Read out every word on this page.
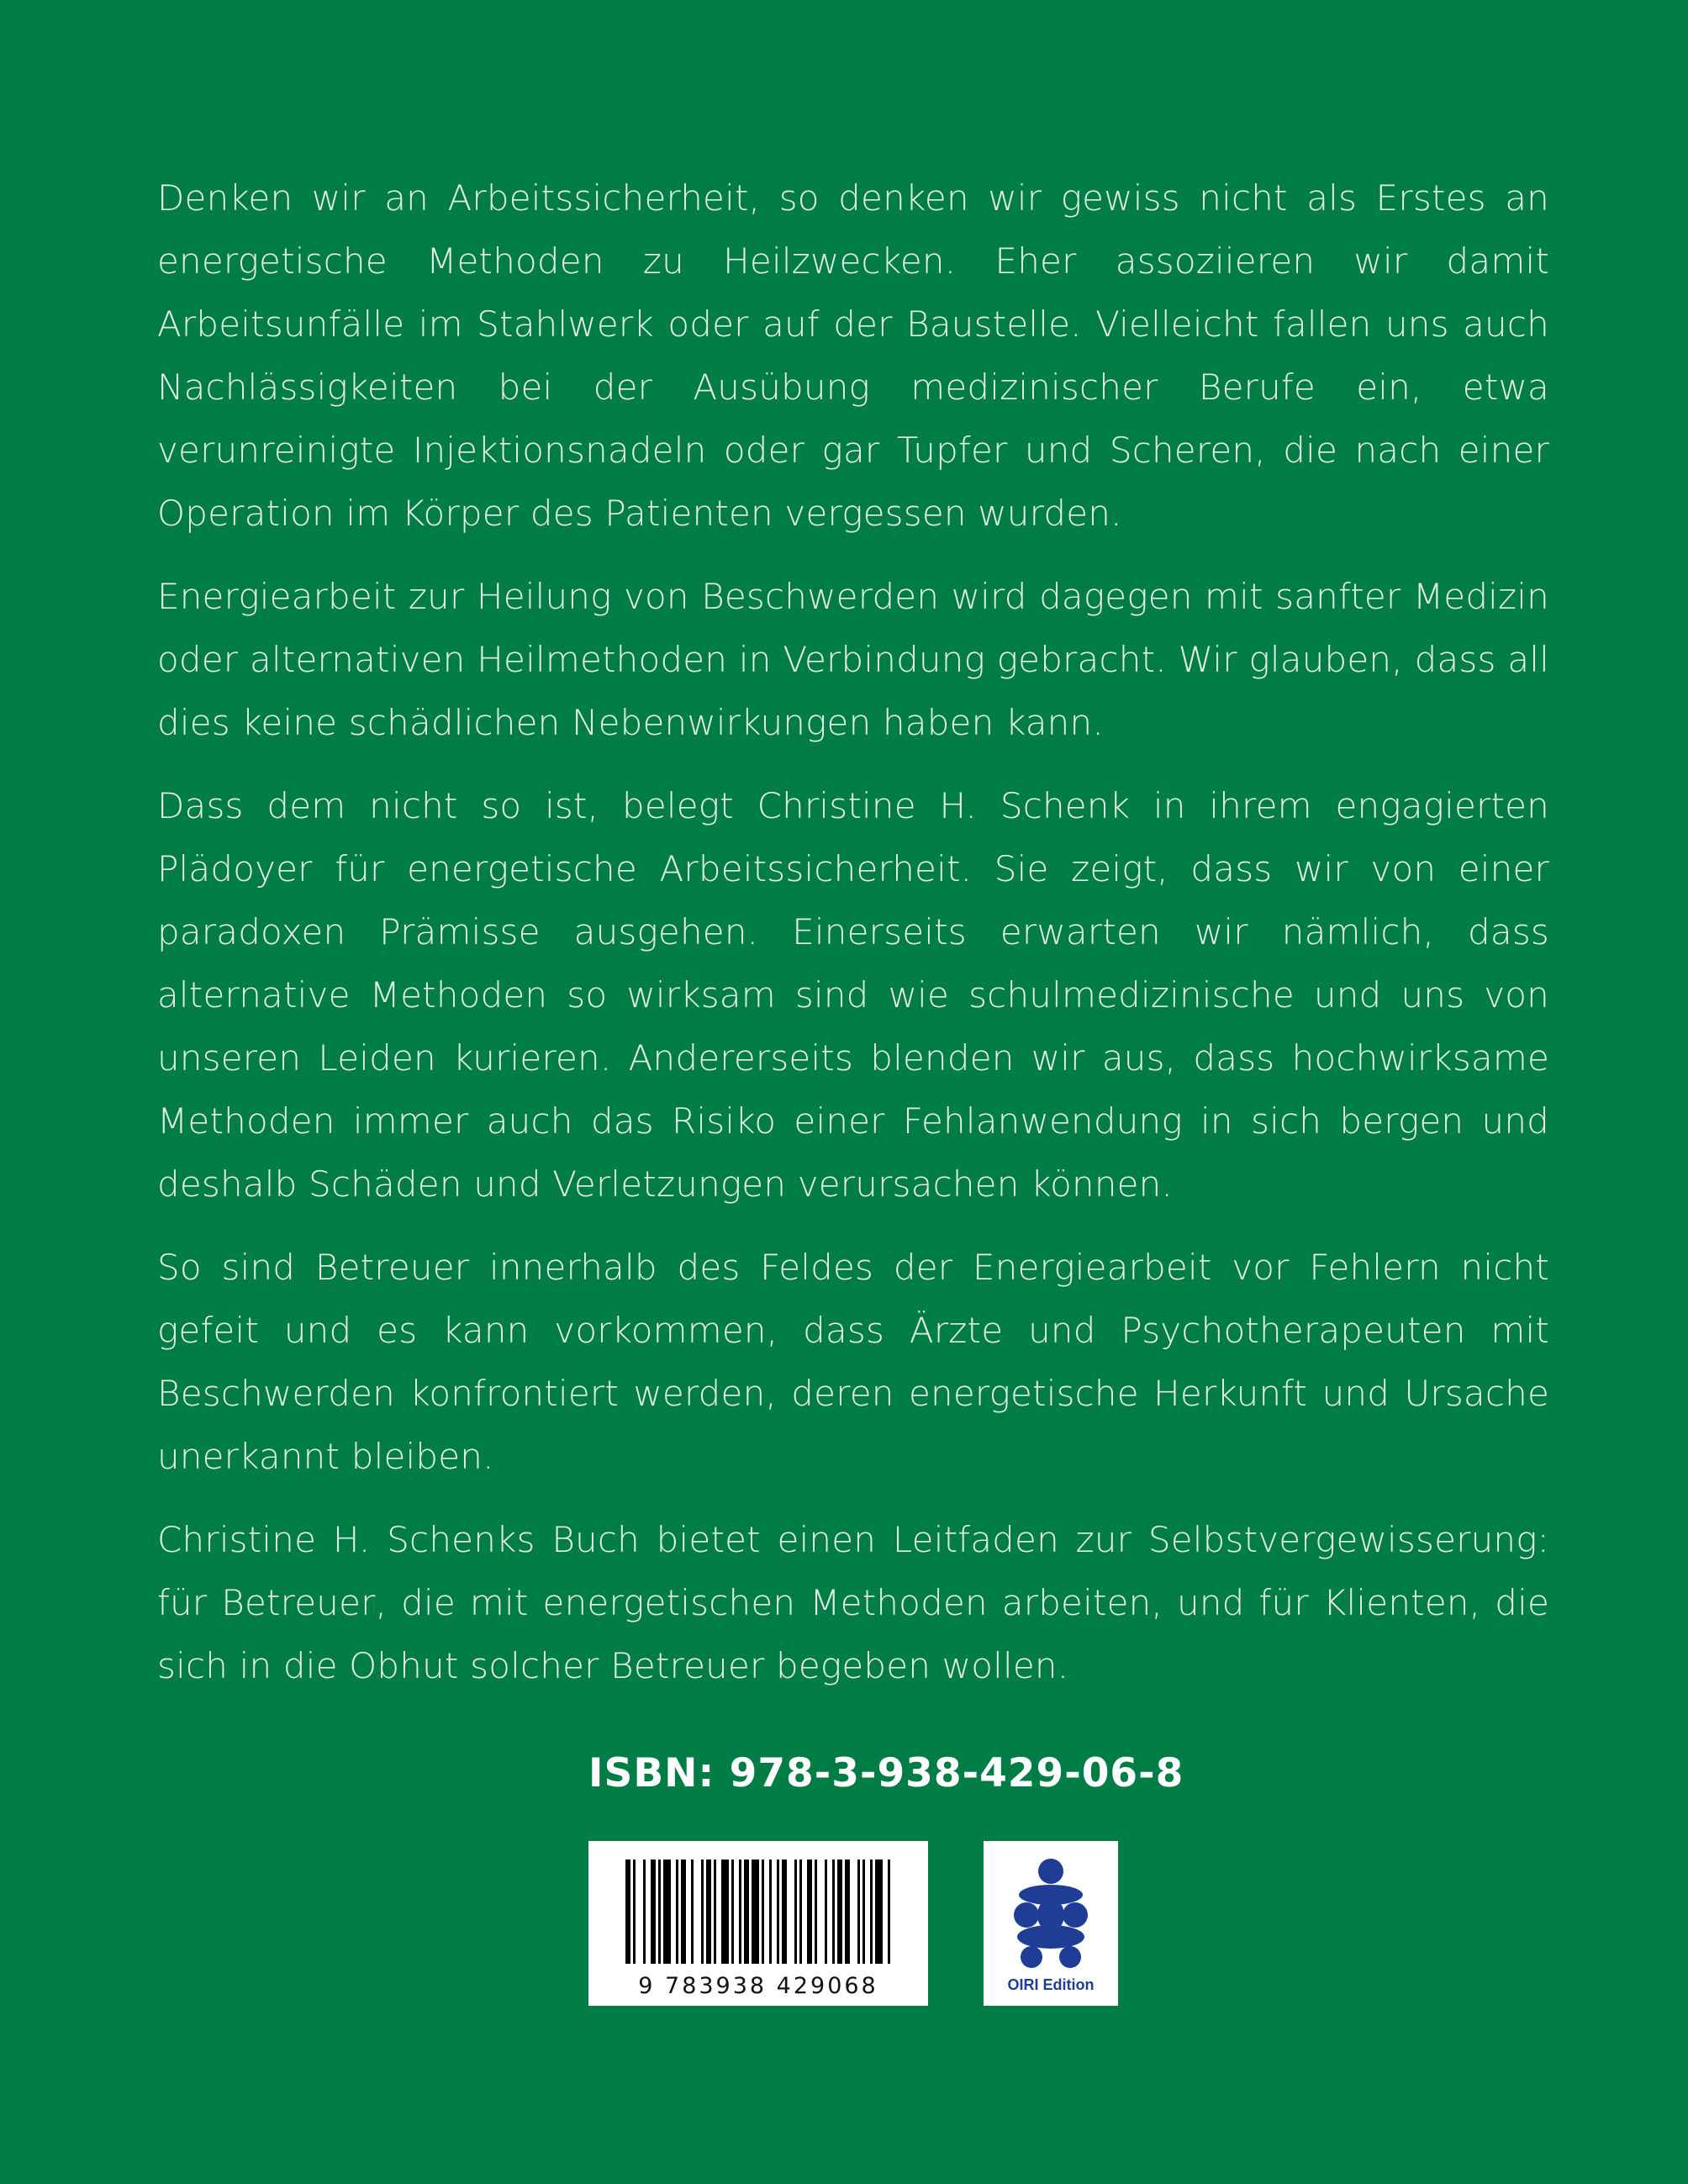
Denken wir an Arbeitssicherheit, so denken wir gewiss nicht als Erstes an energetische Methoden zu Heilzwecken. Eher assoziieren wir damit Arbeitsunfälle im Stahlwerk oder auf der Baustelle. Vielleicht fallen uns auch Nachlässigkeiten bei der Ausübung medizinischer Berufe ein, etwa verunreinigte Injektionsnadeln oder gar Tupfer und Scheren, die nach einer Operation im Körper des Patienten vergessen wurden.

Energiearbeit zur Heilung von Beschwerden wird dagegen mit sanfter Medizin oder alternativen Heilmethoden in Verbindung gebracht. Wir glauben, dass all dies keine schädlichen Nebenwirkungen haben kann.

Dass dem nicht so ist, belegt Christine H. Schenk in ihrem engagierten Plädoyer für energetische Arbeitssicherheit. Sie zeigt, dass wir von einer paradoxen Prämisse ausgehen. Einerseits erwarten wir nämlich, dass alternative Methoden so wirksam sind wie schulmedizinische und uns von unseren Leiden kurieren. Andererseits blenden wir aus, dass hochwirksame Methoden immer auch das Risiko einer Fehlanwendung in sich bergen und deshalb Schäden und Verletzungen verursachen können.

So sind Betreuer innerhalb des Feldes der Energiearbeit vor Fehlern nicht gefeit und es kann vorkommen, dass Ärzte und Psychotherapeuten mit Beschwerden konfrontiert werden, deren energetische Herkunft und Ursache unerkannt bleiben.

Christine H. Schenks Buch bietet einen Leitfaden zur Selbstvergewisserung: für Betreuer, die mit energetischen Methoden arbeiten, und für Klienten, die sich in die Obhut solcher Betreuer begeben wollen.

ISBN: 978-3-938-429-06-8
9 783938 429068	OIRI Edition
